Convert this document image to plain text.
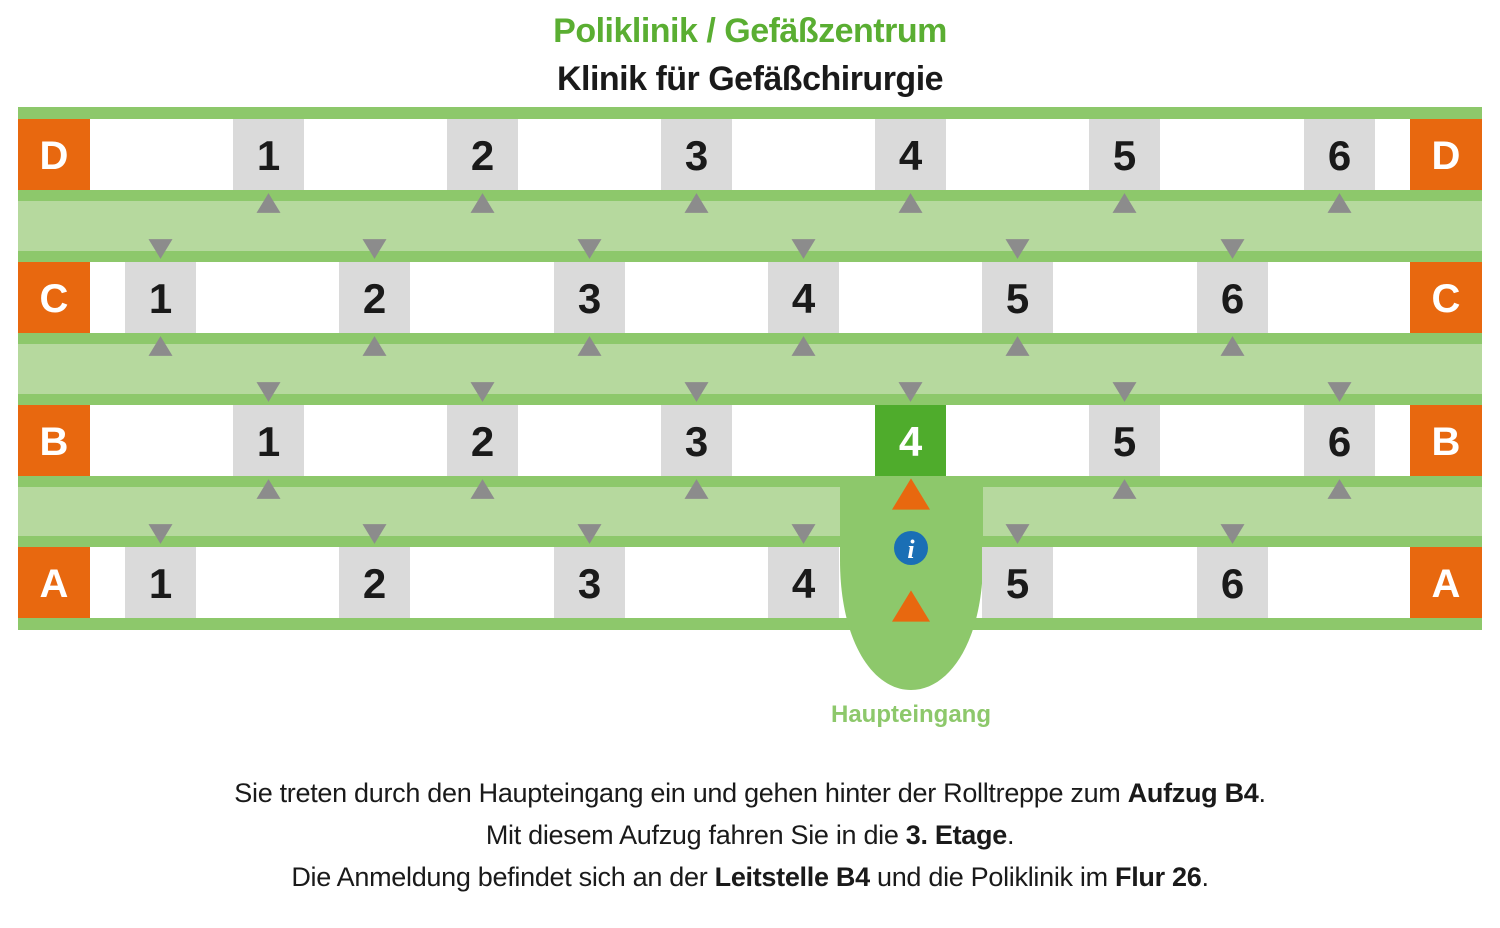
Poliklinik / Gefäßzentrum
Klinik für Gefäßchirurgie
D	D
1	2	3	4	5	6
C	C
1	2	3	4	5	6
B	B
1	2	3	4	5	6
A	A
1	2	3	4	5	6
i
Haupteingang
Sie treten durch den Haupteingang ein und gehen hinter der Rolltreppe zum Aufzug B4.
Mit diesem Aufzug fahren Sie in die 3. Etage.
Die Anmeldung befindet sich an der Leitstelle B4 und die Poliklinik im Flur 26.
